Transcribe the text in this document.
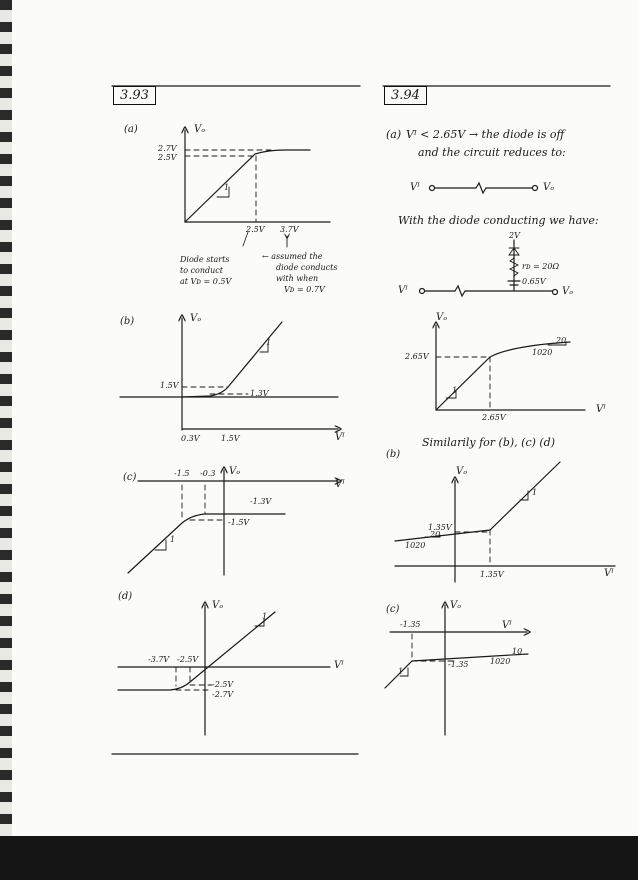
3.93	3.94
(a)	Vₒ
2.7V
2.5V
2.5V 3.7V
1
Diode starts
to conduct
at Vᴅ = 0.5V
← assumed the
diode conducts
with when
Vᴅ = 0.7V
(b)	Vₒ
1.5V
1.3V
0.3V	1.5V	Vᴵ
1
(c)	-1.5 -0.3 Vₒ
Vᴵ
-1.3V
-1.5V
1
(d)
Vₒ
Vᴵ
-3.7V -2.5V
-2.5V
-2.7V
1
(a) Vᴵ < 2.65V → the diode is off
and the circuit reduces to:
Vᴵ	Vₒ
With the diode conducting we have:
2V
rᴅ = 20Ω
0.65V
Vᴵ	Vₒ
Vₒ
2.65V
2.65V
Vᴵ
1
20
1020
Similarily for (b), (c) (d)
(b)
Vₒ
1.35V
1.35V	Vᴵ
20
1020
1
(c)	Vₒ
-1.35	Vᴵ
-1.35
10
1020
1
